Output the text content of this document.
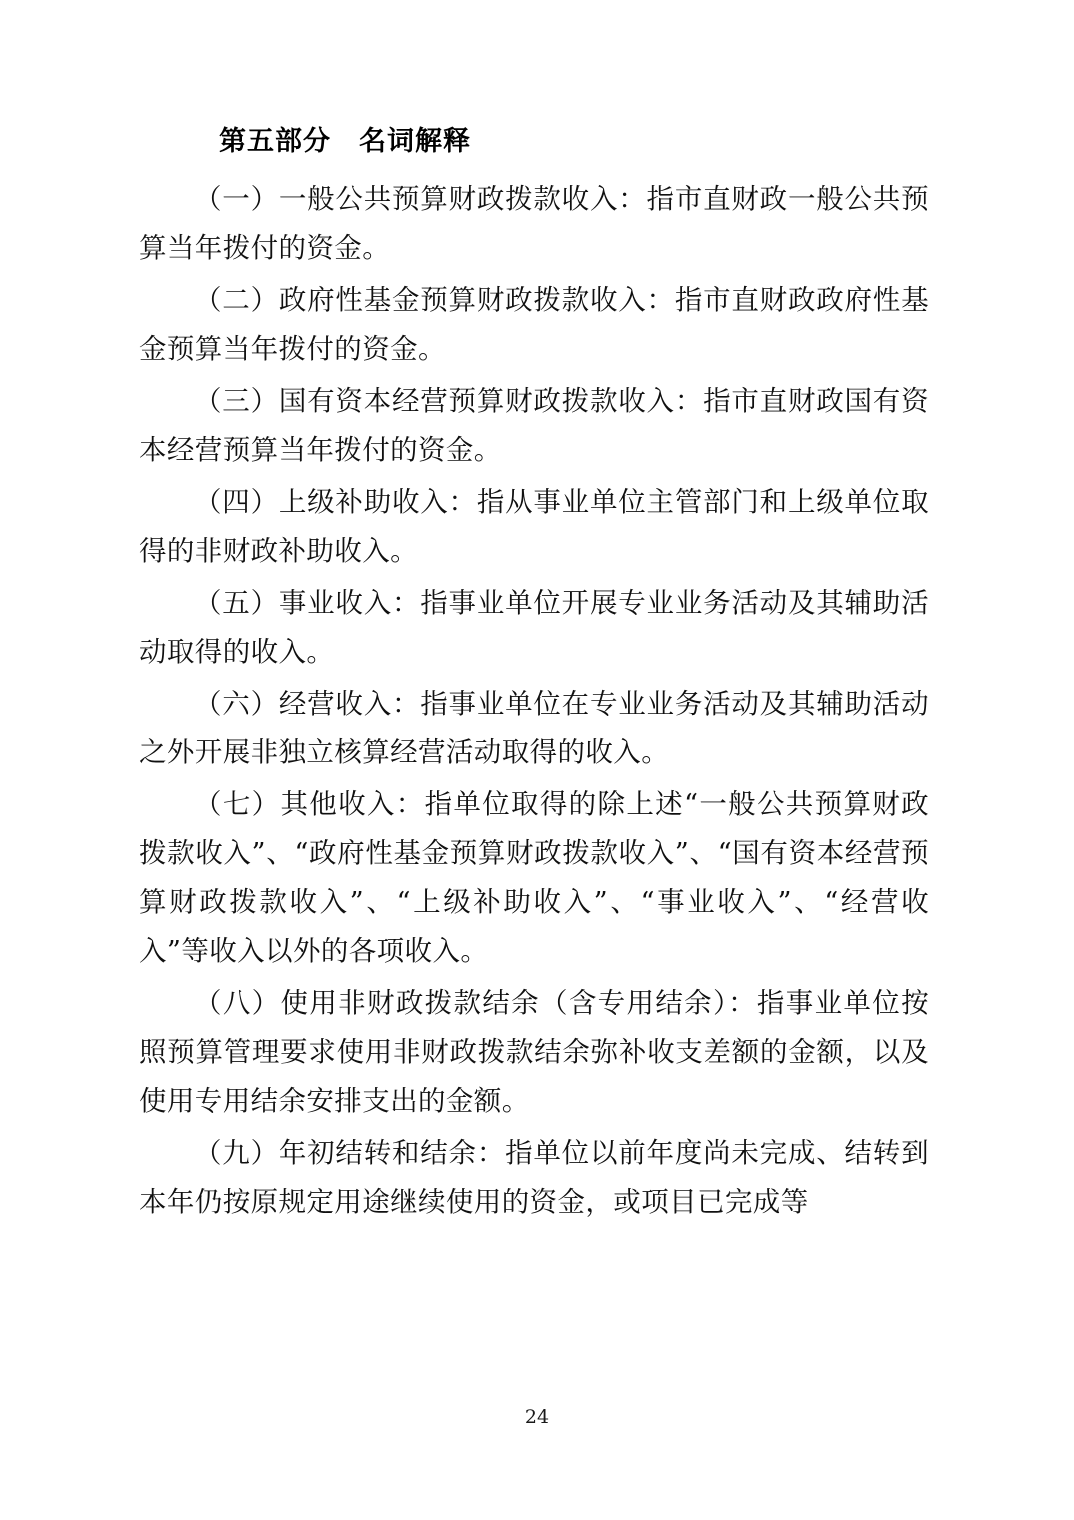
第五部分　名词解释

（一）一般公共预算财政拨款收入：指市直财政一般公共预算当年拨付的资金。

（二）政府性基金预算财政拨款收入：指市直财政政府性基金预算当年拨付的资金。

（三）国有资本经营预算财政拨款收入：指市直财政国有资本经营预算当年拨付的资金。

（四）上级补助收入：指从事业单位主管部门和上级单位取得的非财政补助收入。

（五）事业收入：指事业单位开展专业业务活动及其辅助活动取得的收入。

（六）经营收入：指事业单位在专业业务活动及其辅助活动之外开展非独立核算经营活动取得的收入。

（七）其他收入：指单位取得的除上述“一般公共预算财政拨款收入”、“政府性基金预算财政拨款收入”、“国有资本经营预算财政拨款收入”、“上级补助收入”、“事业收入”、“经营收入”等收入以外的各项收入。

（八）使用非财政拨款结余（含专用结余）：指事业单位按照预算管理要求使用非财政拨款结余弥补收支差额的金额，以及使用专用结余安排支出的金额。

（九）年初结转和结余：指单位以前年度尚未完成、结转到本年仍按原规定用途继续使用的资金，或项目已完成等

24
